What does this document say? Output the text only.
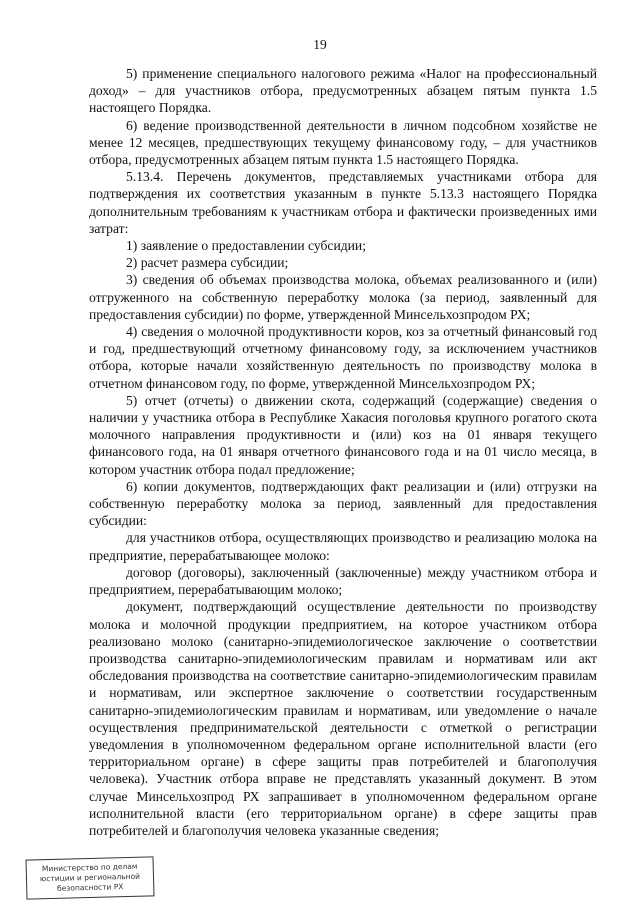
19

5) применение специального налогового режима «Налог на профессиональный доход» – для участников отбора, предусмотренных абзацем пятым пункта 1.5 настоящего Порядка.

6) ведение производственной деятельности в личном подсобном хозяйстве не менее 12 месяцев, предшествующих текущему финансовому году, – для участников отбора, предусмотренных абзацем пятым пункта 1.5 настоящего Порядка.

5.13.4. Перечень документов, представляемых участниками отбора для подтверждения их соответствия указанным в пункте 5.13.3 настоящего Порядка дополнительным требованиям к участникам отбора и фактически произведенных ими затрат:

1) заявление о предоставлении субсидии;

2) расчет размера субсидии;

3) сведения об объемах производства молока, объемах реализованного и (или) отгруженного на собственную переработку молока (за период, заявленный для предоставления субсидии) по форме, утвержденной Минсельхозпродом РХ;

4) сведения о молочной продуктивности коров, коз за отчетный финансовый год и год, предшествующий отчетному финансовому году, за исключением участников отбора, которые начали хозяйственную деятельность по производству молока в отчетном финансовом году, по форме, утвержденной Минсельхозпродом РХ;

5) отчет (отчеты) о движении скота, содержащий (содержащие) сведения о наличии у участника отбора в Республике Хакасия поголовья крупного рогатого скота молочного направления продуктивности и (или) коз на 01 января текущего финансового года, на 01 января отчетного финансового года и на 01 число месяца, в котором участник отбора подал предложение;

6) копии документов, подтверждающих факт реализации и (или) отгрузки на собственную переработку молока за период, заявленный для предоставления субсидии:

для участников отбора, осуществляющих производство и реализацию молока на предприятие, перерабатывающее молоко:

договор (договоры), заключенный (заключенные) между участником отбора и предприятием, перерабатывающим молоко;

документ, подтверждающий осуществление деятельности по производству молока и молочной продукции предприятием, на которое участником отбора реализовано молоко (санитарно-эпидемиологическое заключение о соответствии производства санитарно-эпидемиологическим правилам и нормативам или акт обследования производства на соответствие санитарно-эпидемиологическим правилам и нормативам, или экспертное заключение о соответствии государственным санитарно-эпидемиологическим правилам и нормативам, или уведомление о начале осуществления предпринимательской деятельности с отметкой о регистрации уведомления в уполномоченном федеральном органе исполнительной власти (его территориальном органе) в сфере защиты прав потребителей и благополучия человека). Участник отбора вправе не представлять указанный документ. В этом случае Минсельхозпрод РХ запрашивает в уполномоченном федеральном органе исполнительной власти (его территориальном органе) в сфере защиты прав потребителей и благополучия человека указанные сведения;

Министерство по делам
юстиции и региональной
безопасности РХ
